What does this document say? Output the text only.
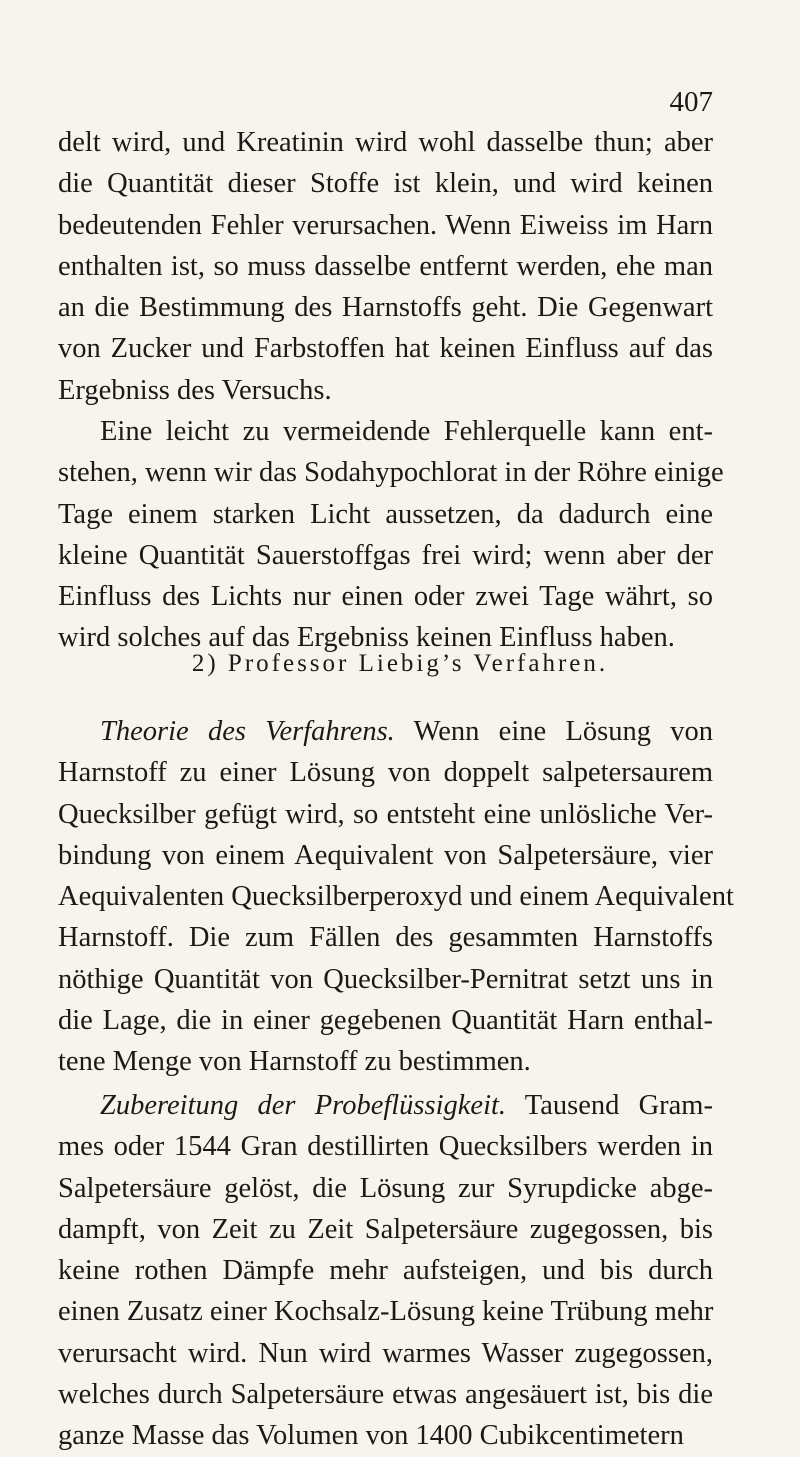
407
delt wird, und Kreatinin wird wohl dasselbe thun; aber
die Quantität dieser Stoffe ist klein, und wird keinen
bedeutenden Fehler verursachen. Wenn Eiweiss im Harn
enthalten ist, so muss dasselbe entfernt werden, ehe man
an die Bestimmung des Harnstoffs geht. Die Gegenwart
von Zucker und Farbstoffen hat keinen Einfluss auf das
Ergebniss des Versuchs.
Eine leicht zu vermeidende Fehlerquelle kann ent-
stehen, wenn wir das Sodahypochlorat in der Röhre einige
Tage einem starken Licht aussetzen, da dadurch eine
kleine Quantität Sauerstoffgas frei wird; wenn aber der
Einfluss des Lichts nur einen oder zwei Tage währt, so
wird solches auf das Ergebniss keinen Einfluss haben.
2) Professor Liebig’s Verfahren.
Theorie des Verfahrens. Wenn eine Lösung von
Harnstoff zu einer Lösung von doppelt salpetersaurem
Quecksilber gefügt wird, so entsteht eine unlösliche Ver-
bindung von einem Aequivalent von Salpetersäure, vier
Aequivalenten Quecksilberperoxyd und einem Aequivalent
Harnstoff. Die zum Fällen des gesammten Harnstoffs
nöthige Quantität von Quecksilber-Pernitrat setzt uns in
die Lage, die in einer gegebenen Quantität Harn enthal-
tene Menge von Harnstoff zu bestimmen.
Zubereitung der Probeflüssigkeit. Tausend Gram-
mes oder 1544 Gran destillirten Quecksilbers werden in
Salpetersäure gelöst, die Lösung zur Syrupdicke abge-
dampft, von Zeit zu Zeit Salpetersäure zugegossen, bis
keine rothen Dämpfe mehr aufsteigen, und bis durch
einen Zusatz einer Kochsalz-Lösung keine Trübung mehr
verursacht wird. Nun wird warmes Wasser zugegossen,
welches durch Salpetersäure etwas angesäuert ist, bis die
ganze Masse das Volumen von 1400 Cubikcentimetern
